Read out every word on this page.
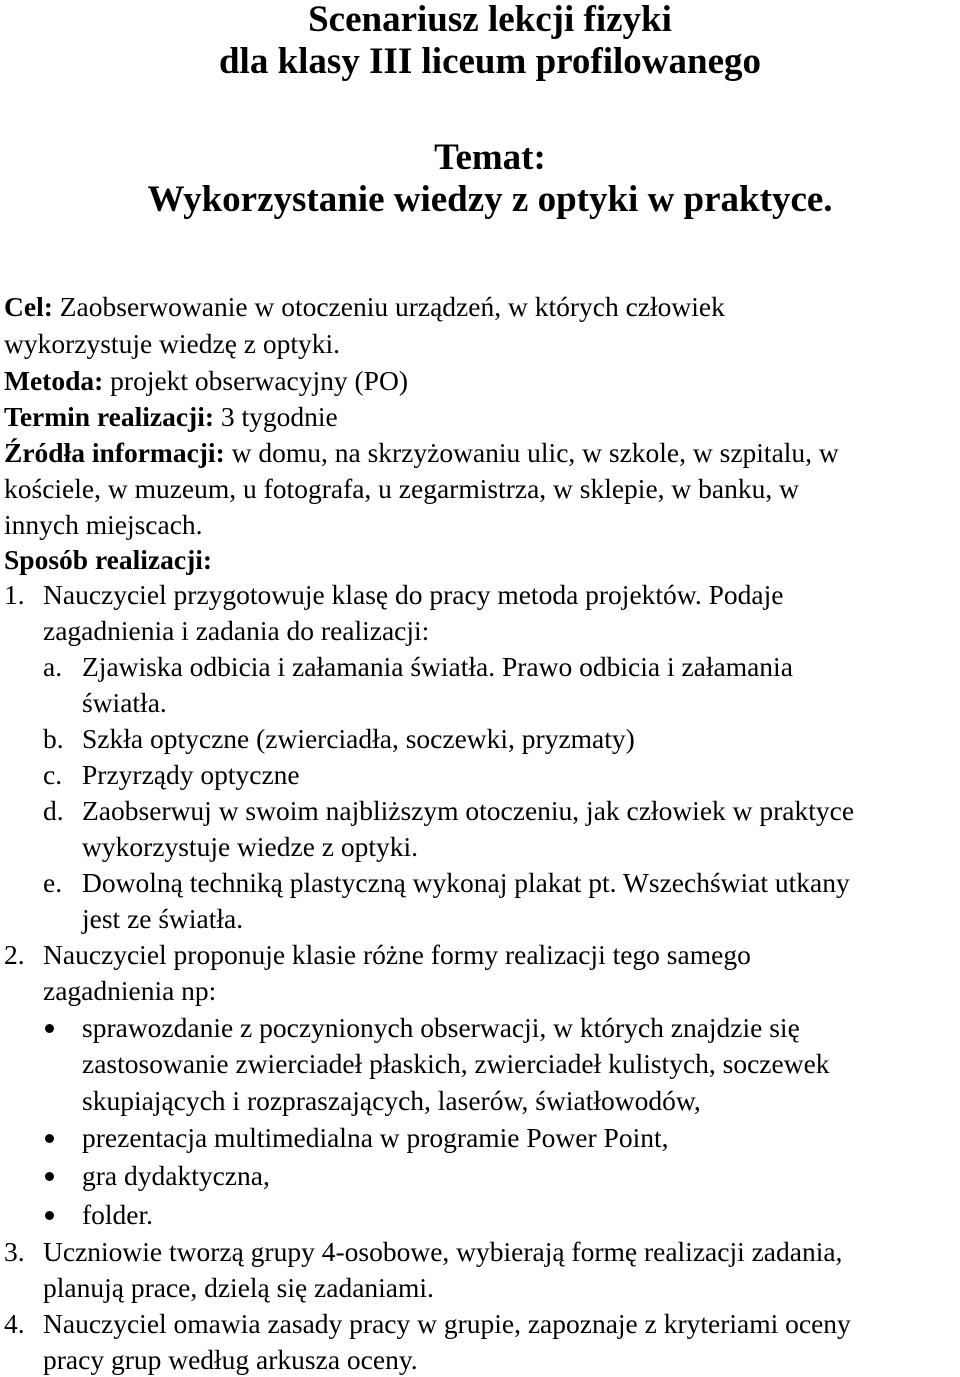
Scenariusz lekcji fizyki
dla klasy III liceum profilowanego
Temat:
Wykorzystanie wiedzy z optyki w praktyce.
Cel: Zaobserwowanie w otoczeniu urządzeń, w których człowiek
wykorzystuje wiedzę z optyki.
Metoda: projekt obserwacyjny (PO)
Termin realizacji: 3 tygodnie
Źródła informacji: w domu, na skrzyżowaniu ulic, w szkole, w szpitalu, w
kościele, w muzeum, u fotografa, u zegarmistrza, w sklepie, w banku, w
innych miejscach.
Sposób realizacji:
1. Nauczyciel przygotowuje klasę do pracy metoda projektów. Podaje
zagadnienia i zadania do realizacji:
a. Zjawiska odbicia i załamania światła. Prawo odbicia i załamania
światła.
b. Szkła optyczne (zwierciadła, soczewki, pryzmaty)
c. Przyrządy optyczne
d. Zaobserwuj w swoim najbliższym otoczeniu, jak człowiek w praktyce
wykorzystuje wiedze z optyki.
e. Dowolną techniką plastyczną wykonaj plakat pt. Wszechświat utkany
jest ze światła.
2. Nauczyciel proponuje klasie różne formy realizacji tego samego
zagadnienia np:
sprawozdanie z poczynionych obserwacji, w których znajdzie się
zastosowanie zwierciadeł płaskich, zwierciadeł kulistych, soczewek
skupiających i rozpraszających, laserów, światłowodów,
prezentacja multimedialna w programie Power Point,
gra dydaktyczna,
folder.
3. Uczniowie tworzą grupy 4-osobowe, wybierają formę realizacji zadania,
planują prace, dzielą się zadaniami.
4. Nauczyciel omawia zasady pracy w grupie, zapoznaje z kryteriami oceny
pracy grup według arkusza oceny.
